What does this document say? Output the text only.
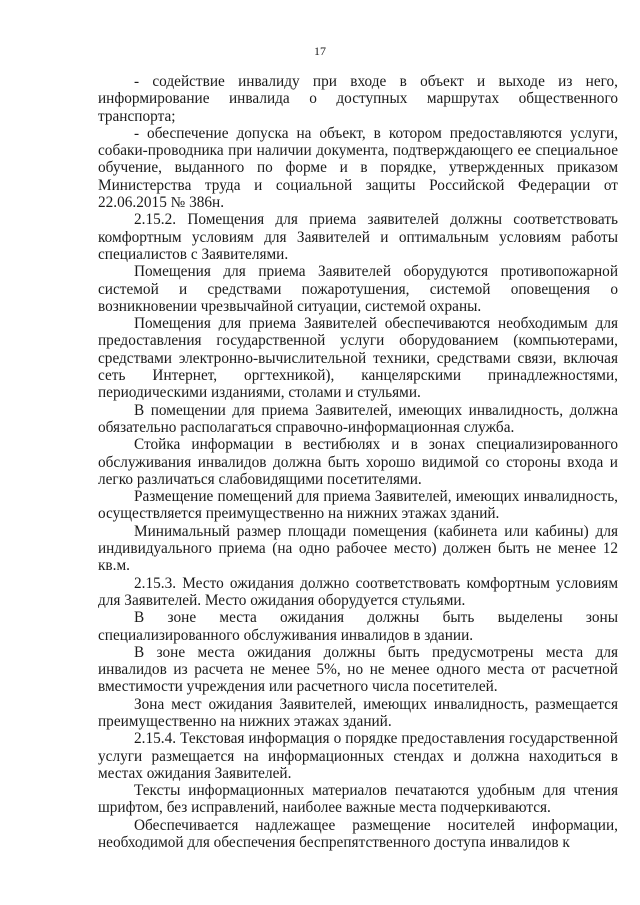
17

- содействие инвалиду при входе в объект и выходе из него, информирование инвалида о доступных маршрутах общественного транспорта;

- обеспечение допуска на объект, в котором предоставляются услуги, собаки-проводника при наличии документа, подтверждающего ее специальное обучение, выданного по форме и в порядке, утвержденных приказом Министерства труда и социальной защиты Российской Федерации от 22.06.2015 № 386н.

2.15.2. Помещения для приема заявителей должны соответствовать комфортным условиям для Заявителей и оптимальным условиям работы специалистов с Заявителями.

Помещения для приема Заявителей оборудуются противопожарной системой и средствами пожаротушения, системой оповещения о возникновении чрезвычайной ситуации, системой охраны.

Помещения для приема Заявителей обеспечиваются необходимым для предоставления государственной услуги оборудованием (компьютерами, средствами электронно-вычислительной техники, средствами связи, включая сеть Интернет, оргтехникой), канцелярскими принадлежностями, периодическими изданиями, столами и стульями.

В помещении для приема Заявителей, имеющих инвалидность, должна обязательно располагаться справочно-информационная служба.

Стойка информации в вестибюлях и в зонах специализированного обслуживания инвалидов должна быть хорошо видимой со стороны входа и легко различаться слабовидящими посетителями.

Размещение помещений для приема Заявителей, имеющих инвалидность, осуществляется преимущественно на нижних этажах зданий.

Минимальный размер площади помещения (кабинета или кабины) для индивидуального приема (на одно рабочее место) должен быть не менее 12 кв.м.

2.15.3. Место ожидания должно соответствовать комфортным условиям для Заявителей. Место ожидания оборудуется стульями.

В зоне места ожидания должны быть выделены зоны специализированного обслуживания инвалидов в здании.

В зоне места ожидания должны быть предусмотрены места для инвалидов из расчета не менее 5%, но не менее одного места от расчетной вместимости учреждения или расчетного числа посетителей.

Зона мест ожидания Заявителей, имеющих инвалидность, размещается преимущественно на нижних этажах зданий.

2.15.4. Текстовая информация о порядке предоставления государственной услуги размещается на информационных стендах и должна находиться в местах ожидания Заявителей.

Тексты информационных материалов печатаются удобным для чтения шрифтом, без исправлений, наиболее важные места подчеркиваются.

Обеспечивается надлежащее размещение носителей информации, необходимой для обеспечения беспрепятственного доступа инвалидов к
